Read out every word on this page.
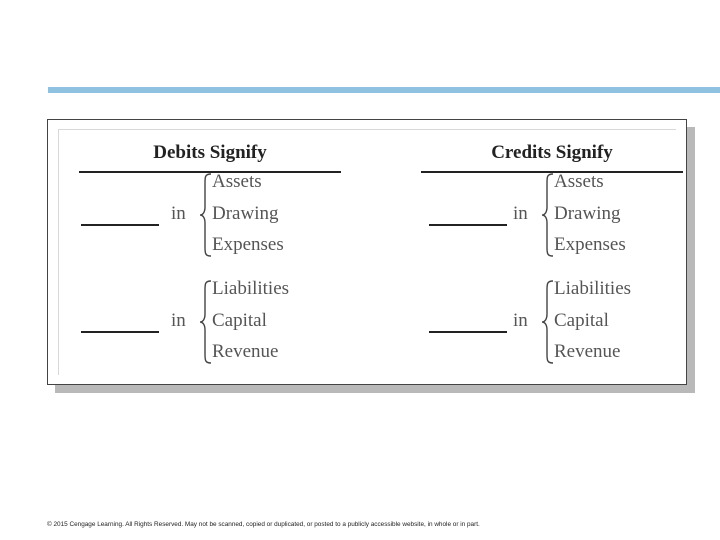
Debits Signify
in
Assets
Drawing
Expenses
in
Liabilities
Capital
Revenue
Credits Signify
in
Assets
Drawing
Expenses
in
Liabilities
Capital
Revenue
© 2015 Cengage Learning. All Rights Reserved. May not be scanned, copied or duplicated, or posted to a publicly accessible website, in whole or in part.
